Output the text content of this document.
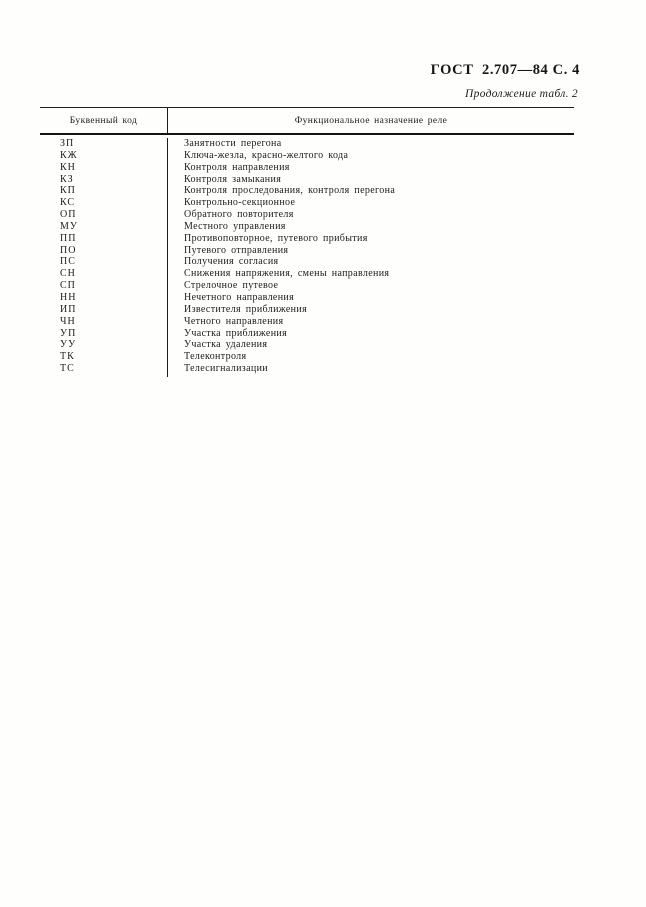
ГОСТ  2.707—84 С. 4
Продолжение табл. 2
Буквенный код	Функциональное назначение реле
ЗП	Занятности перегона
КЖ	Ключа-жезла, красно-желтого кода
КН	Контроля направления
КЗ	Контроля замыкания
КП	Контроля проследования, контроля перегона
КС	Контрольно-секционное
ОП	Обратного повторителя
МУ	Местного управления
ПП	Противоповторное, путевого прибытия
ПО	Путевого отправления
ПС	Получения согласия
СН	Снижения напряжения, смены направления
СП	Стрелочное путевое
НН	Нечетного направления
ИП	Известителя приближения
ЧН	Четного направления
УП	Участка приближения
УУ	Участка удаления
ТК	Телеконтроля
ТС	Телесигнализации
